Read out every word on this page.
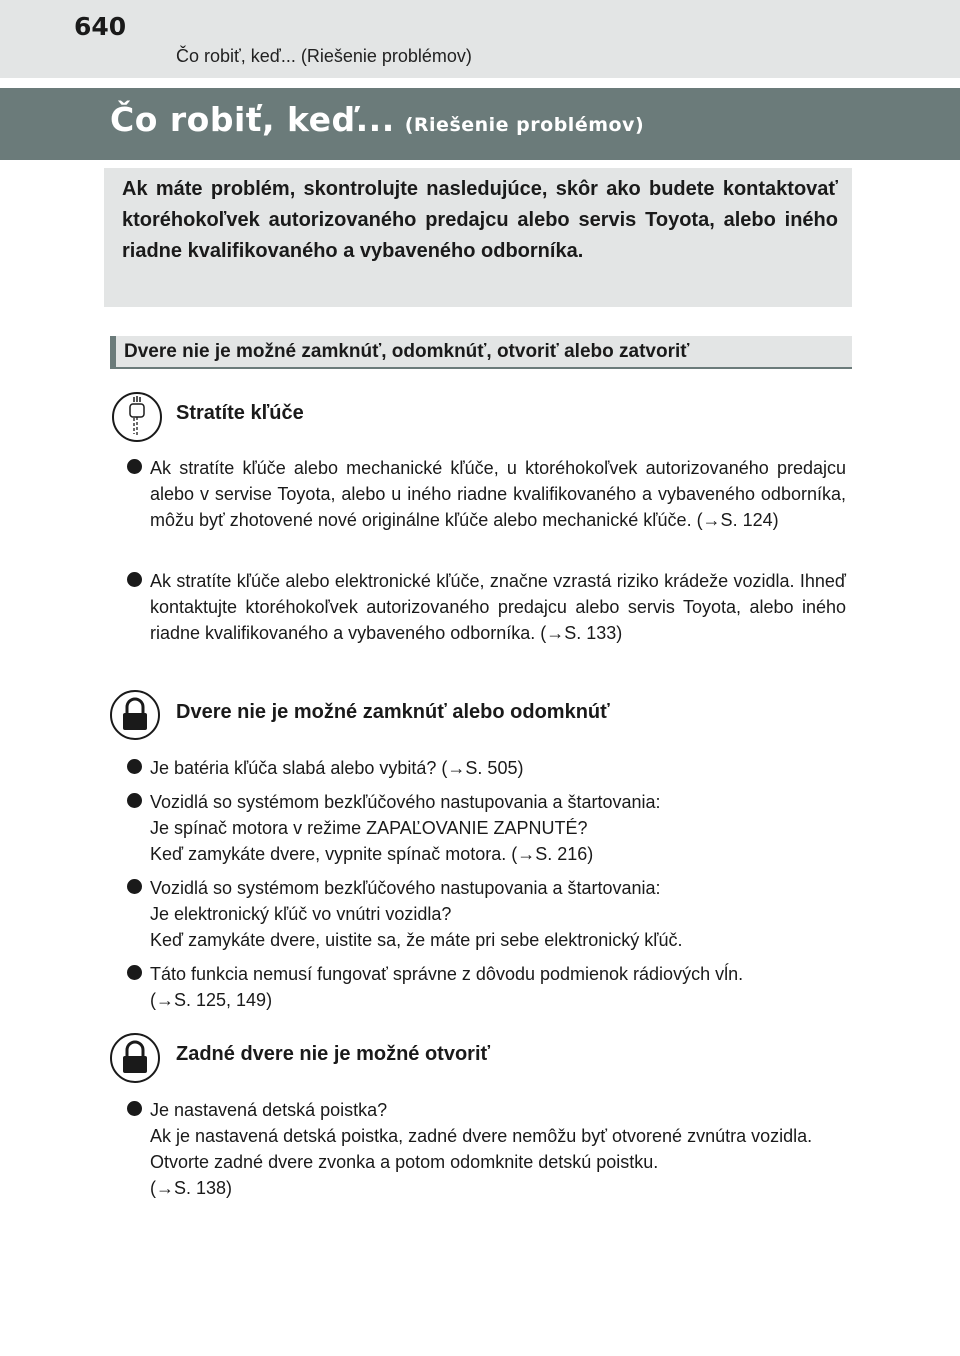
640
Čo robiť, keď... (Riešenie problémov)
Čo robiť, keď... (Riešenie problémov)
Ak máte problém, skontrolujte nasledujúce, skôr ako budete kontaktovať ktoréhokoľvek autorizovaného predajcu alebo servis Toyota, alebo iného riadne kvalifikovaného a vybaveného odborníka.
Dvere nie je možné zamknúť, odomknúť, otvoriť alebo zatvoriť
Stratíte kľúče
Ak stratíte kľúče alebo mechanické kľúče, u ktoréhokoľvek autorizovaného predajcu alebo v servise Toyota, alebo u iného riadne kvalifikovaného a vybaveného odborníka, môžu byť zhotovené nové originálne kľúče alebo mechanické kľúče. (→S. 124)
Ak stratíte kľúče alebo elektronické kľúče, značne vzrastá riziko krádeže vozidla. Ihneď kontaktujte ktoréhokoľvek autorizovaného predajcu alebo servis Toyota, alebo iného riadne kvalifikovaného a vybaveného odborníka. (→S. 133)
Dvere nie je možné zamknúť alebo odomknúť
Je batéria kľúča slabá alebo vybitá? (→S. 505)
Vozidlá so systémom bezkľúčového nastupovania a štartovania:
Je spínač motora v režime ZAPAĽOVANIE ZAPNUTÉ?
Keď zamykáte dvere, vypnite spínač motora. (→S. 216)
Vozidlá so systémom bezkľúčového nastupovania a štartovania:
Je elektronický kľúč vo vnútri vozidla?
Keď zamykáte dvere, uistite sa, že máte pri sebe elektronický kľúč.
Táto funkcia nemusí fungovať správne z dôvodu podmienok rádiových vĺn.
(→S. 125, 149)
Zadné dvere nie je možné otvoriť
Je nastavená detská poistka?
Ak je nastavená detská poistka, zadné dvere nemôžu byť otvorené zvnútra vozidla. Otvorte zadné dvere zvonka a potom odomknite detskú poistku.
(→S. 138)
